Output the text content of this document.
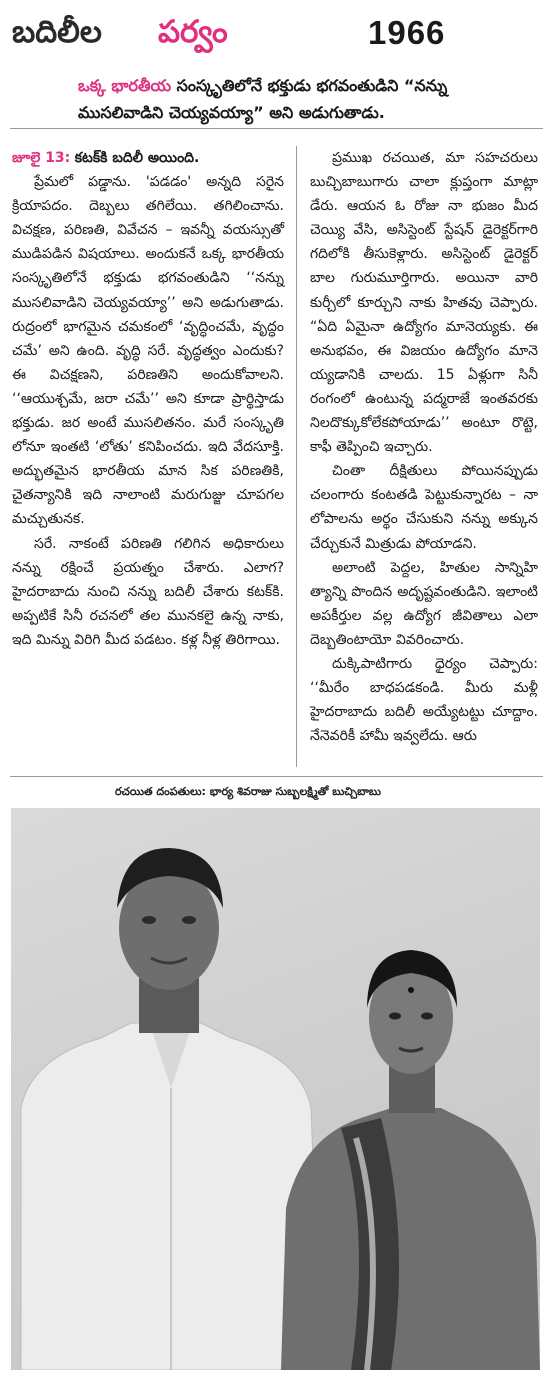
బదిలీల పర్వం	1966
ఒక్క భారతీయ సంస్కృతిలోనే భక్తుడు భగవంతుడిని “నన్ను ముసలివాడిని చెయ్యవయ్యా” అని అడుగుతాడు.

జూలై 13: కటక్‌కి బదిలీ అయింది.

ప్రేమలో పడ్డాను. 'పడడం' అన్నది సరైన క్రియాపదం. దెబ్బలు తగిలేయి. తగిలించాను. విచక్షణ, పరిణతి, వివేచన – ఇవన్నీ వయస్సుతో ముడిపడిన విషయాలు. అందుకనే ఒక్క భారతీయ సంస్కృతిలోనే భక్తుడు భగవంతుడిని ‘‘నన్ను ముసలివాడిని చెయ్యవయ్యా’’ అని అడుగుతాడు. రుద్రంలో భాగమైన చమకంలో ‘వృద్ధించమే, వృద్ధం చమే’ అని ఉంది. వృద్ధి సరే. వృద్ధత్వం ఎందుకు? ఈ విచక్షణని, పరిణతిని అందుకోవాలని. ‘‘ఆయుశ్చమే, జరా చమే’’ అని కూడా ప్రార్థిస్తాడు భక్తుడు. జర అంటే ముసలితనం. మరే సంస్కృతి లోనూ ఇంతటి ‘లోతు’ కనిపించదు. ఇది వేదసూక్తి. అద్భుతమైన భారతీయ మాన సిక పరిణతికి, చైతన్యానికి ఇది నాలాంటి మరుగుజ్జు చూపగల మచ్చుతునక.

సరే. నాకంటే పరిణతి గలిగిన అధికారులు నన్ను రక్షించే ప్రయత్నం చేశారు. ఎలాగ? హైదరాబాదు నుంచి నన్ను బదిలీ చేశారు కటక్‌కి. అప్పటికే సినీ రచనలో తల మునకలై ఉన్న నాకు, ఇది మిన్ను విరిగి మీద పడటం. కళ్ల నీళ్ల తిరిగాయి.

ప్రముఖ రచయిత, మా సహచరులు బుచ్చిబాబుగారు చాలా క్లుప్తంగా మాట్లా డేరు. ఆయన ఓ రోజు నా భుజం మీద చెయ్యి వేసి, అసిస్టెంట్ స్టేషన్ డైరెక్టర్‌గారి గదిలోకి తీసుకెళ్లారు. అసిస్టెంట్ డైరెక్టర్ బాల గురుమూర్తిగారు. అయినా వారి కుర్చీలో కూర్చుని నాకు హితవు చెప్పారు. “ఏది ఏమైనా ఉద్యోగం మానెయ్యకు. ఈ అనుభవం, ఈ విజయం ఉద్యోగం మానె య్యడానికి చాలదు. 15 ఏళ్లుగా సినీ రంగంలో ఉంటున్న పద్మరాజే ఇంతవరకు నిలదొక్కుకోలేకపోయాడు’’ అంటూ రొట్టె, కాఫీ తెప్పించి ఇచ్చారు.

చింతా దీక్షితులు పోయినప్పుడు చలంగారు కంటతడి పెట్టుకున్నారట – నా లోపాలను అర్థం చేసుకుని నన్ను అక్కున చేర్చుకునే మిత్రుడు పోయాడని.

అలాంటి పెద్దల, హితుల సాన్నిహి త్యాన్ని పొందిన అదృష్టవంతుడిని. ఇలాంటి అపకీర్తుల వల్ల ఉద్యోగ జీవితాలు ఎలా దెబ్బతింటాయో వివరించారు.

దుక్కిపాటిగారు ధైర్యం చెప్పారు: ‘‘మీరేం బాధపడకండి. మీరు మళ్లీ హైదరాబాదు బదిలీ అయ్యేటట్టు చూద్దాం. నేనెవరికీ హామీ ఇవ్వలేదు. ఆరు

రచయిత దంపతులు: భార్య శివరాజు సుబ్బలక్ష్మితో బుచ్చిబాబు
